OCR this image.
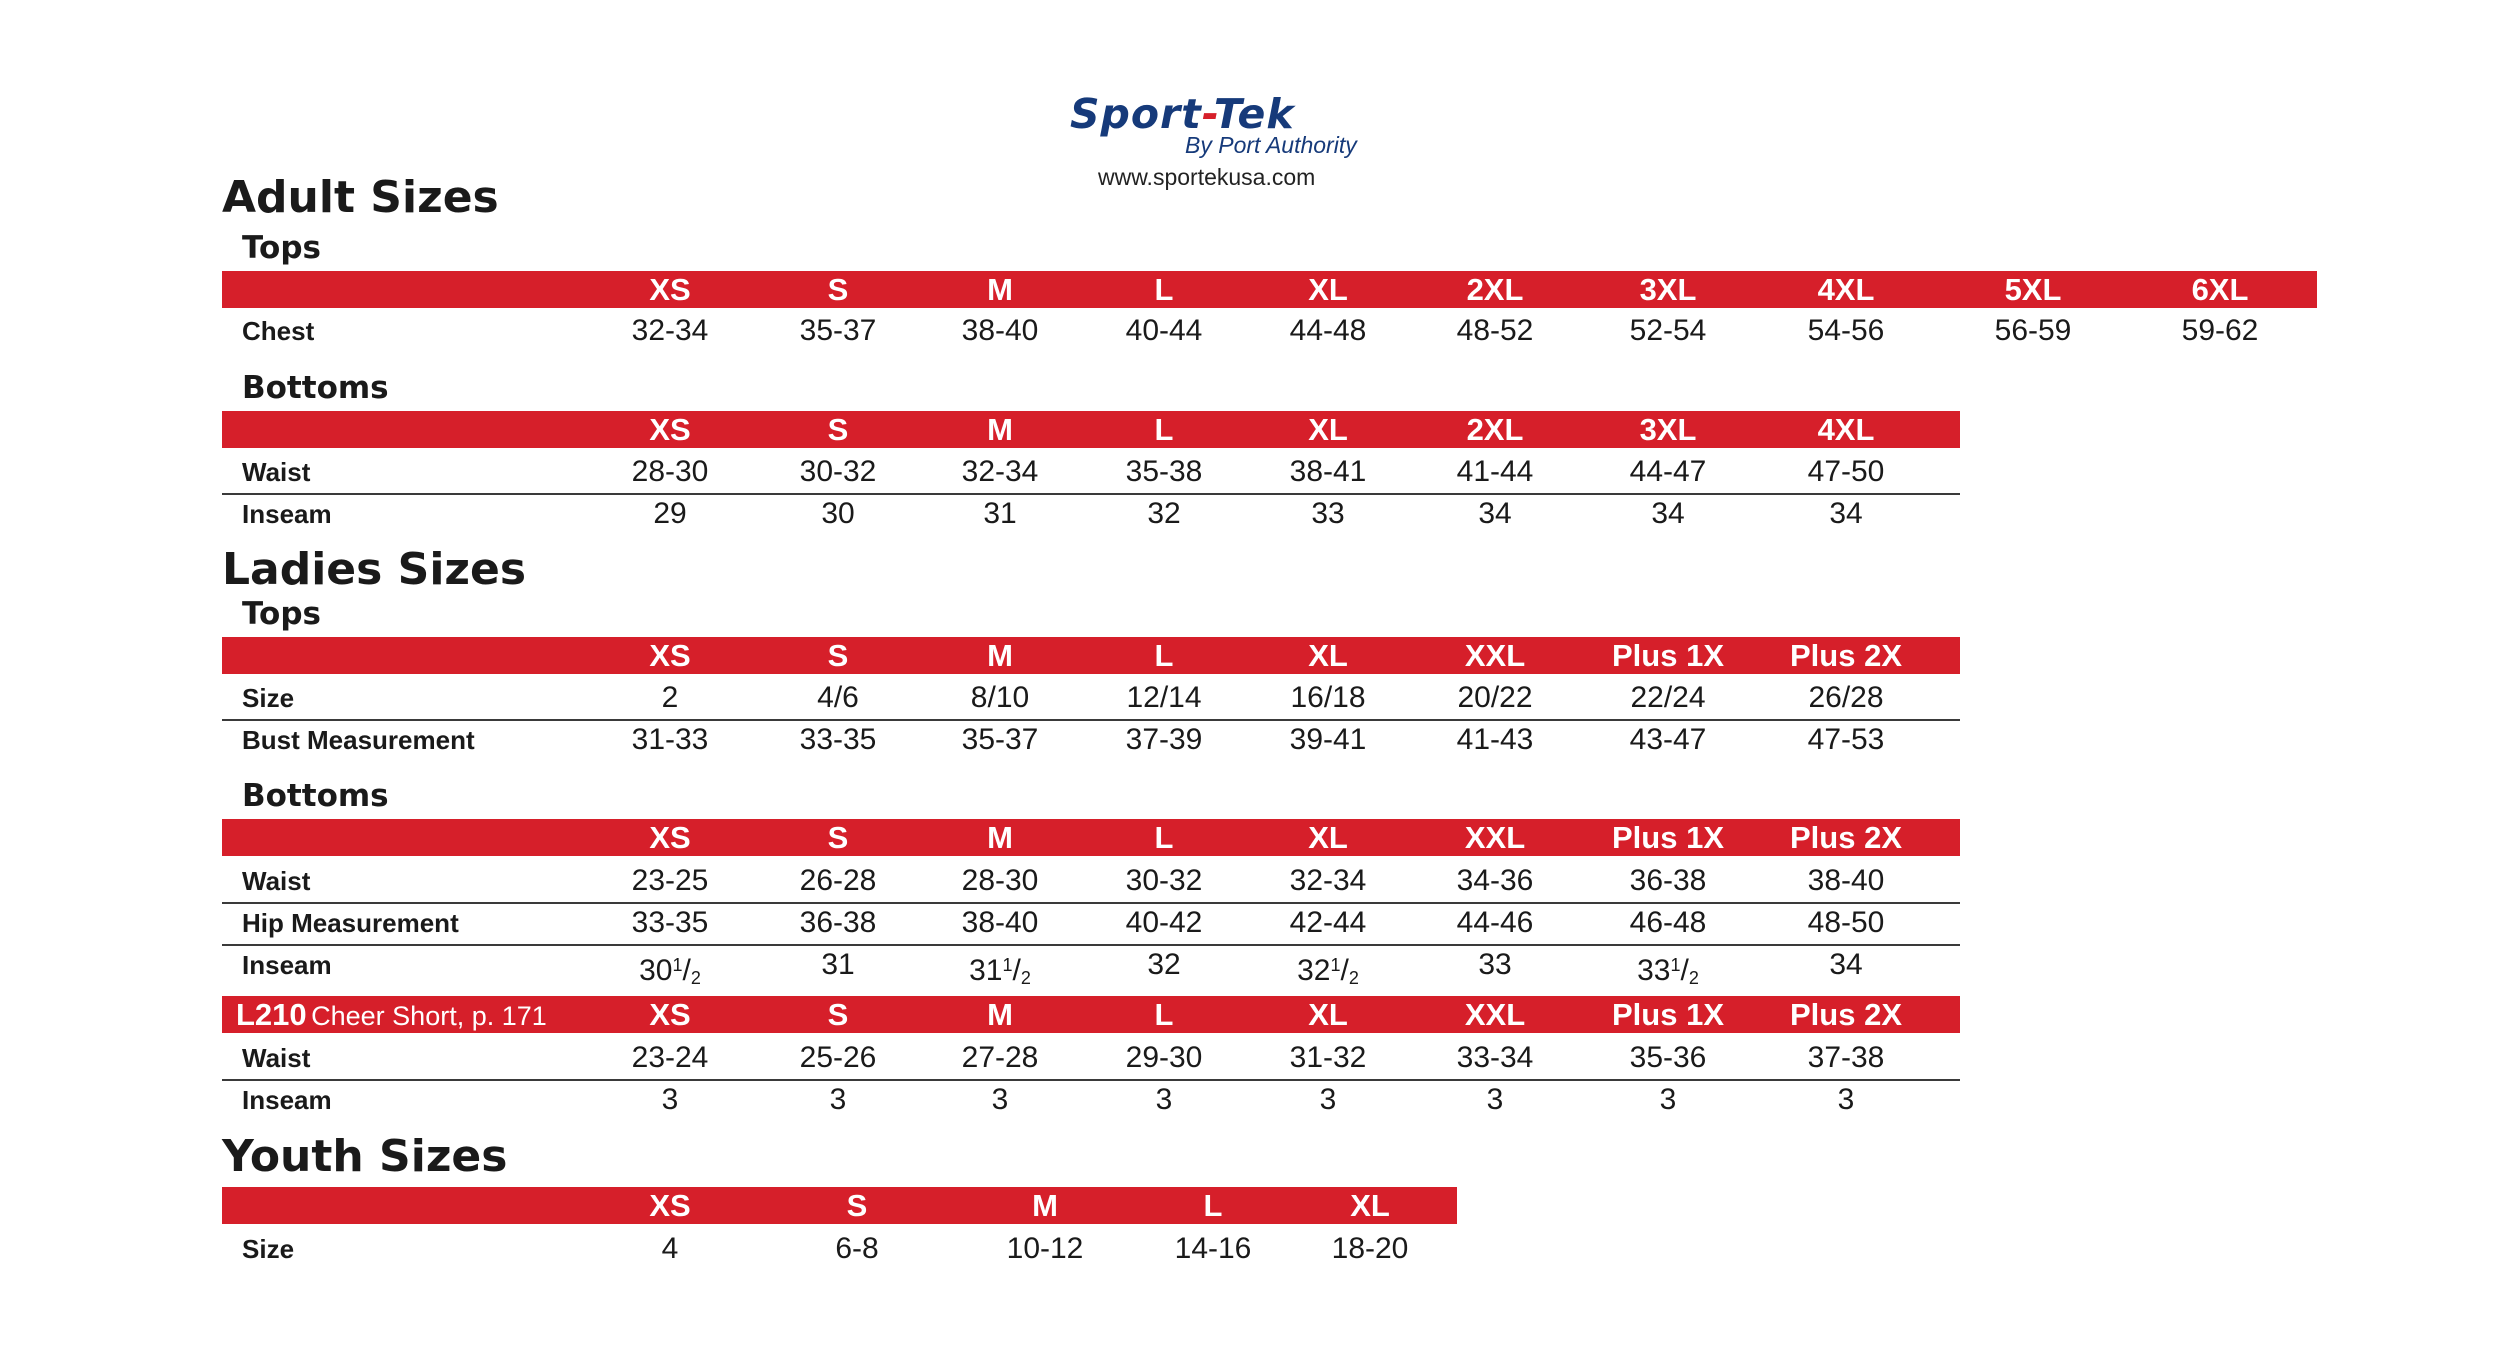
Sport-Tek
By Port Authority
www.sportekusa.com
Adult Sizes
Tops
XS	S	M	L	XL	2XL	3XL	4XL	5XL	6XL
Chest	32-34	35-37	38-40	40-44	44-48	48-52	52-54	54-56	56-59	59-62
Bottoms
XS	S	M	L	XL	2XL	3XL	4XL
Waist	28-30	30-32	32-34	35-38	38-41	41-44	44-47	47-50
Inseam	29	30	31	32	33	34	34	34
Ladies Sizes
Tops
XS	S	M	L	XL	XXL	Plus 1X Plus 2X
Size	2	4/6	8/10	12/14	16/18	20/22	22/24	26/28
Bust Measurement	31-33	33-35	35-37	37-39	39-41	41-43	43-47	47-53
Bottoms
XS	S	M	L	XL	XXL	Plus 1X Plus 2X
Waist	23-25	26-28	28-30	30-32	32-34	34-36	36-38	38-40
Hip Measurement	33-35	36-38	38-40	40-42	42-44	44-46	46-48	48-50
Inseam	$30^1/_2$	31	$31^1/_2$	32	$32^1/_2$	33	$33^1/_2$	34
XS	S	M	L	XL	XXL	Plus 1X Plus 2X
Waist	23-24	25-26	27-28	29-30	31-32	33-34	35-36	37-38
Inseam	3	3	3	3	3	3	3	3
L210 Cheer Short, p. 171
Youth Sizes
XS	S	M	L	XL
Size	4	6-8	10-12	14-16	18-20
